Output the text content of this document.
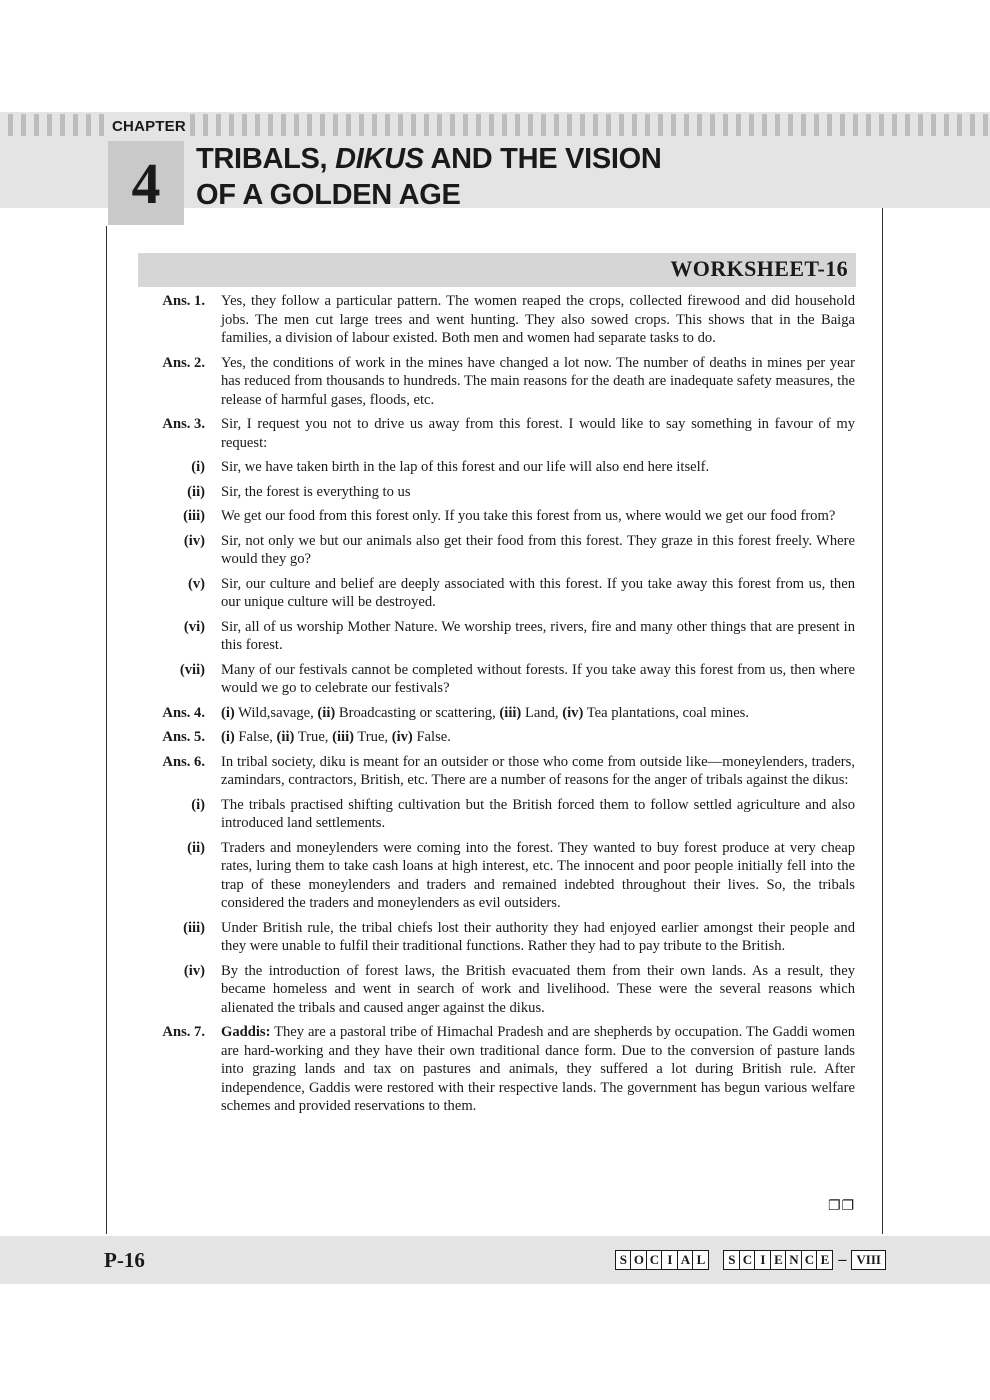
CHAPTER
4	TRIBALS, DIKUS AND THE VISION
OF A GOLDEN AGE
WORKSHEET-16
Ans. 1.	Yes, they follow a particular pattern. The women reaped the crops, collected firewood and did household jobs. The men cut large trees and went hunting. They also sowed crops. This shows that in the Baiga families, a division of labour existed. Both men and women had separate tasks to do.
Ans. 2.	Yes, the conditions of work in the mines have changed a lot now. The number of deaths in mines per year has reduced from thousands to hundreds. The main reasons for the death are inadequate safety measures, the release of harmful gases, floods, etc.
Ans. 3.	Sir, I request you not to drive us away from this forest. I would like to say something in favour of my request:
(i)	Sir, we have taken birth in the lap of this forest and our life will also end here itself.
(ii)	Sir, the forest is everything to us
(iii)	We get our food from this forest only. If you take this forest from us, where would we get our food from?
(iv)	Sir, not only we but our animals also get their food from this forest. They graze in this forest freely. Where would they go?
(v)	Sir, our culture and belief are deeply associated with this forest. If you take away this forest from us, then our unique culture will be destroyed.
(vi)	Sir, all of us worship Mother Nature. We worship trees, rivers, fire and many other things that are present in this forest.
(vii)	Many of our festivals cannot be completed without forests. If you take away this forest from us, then where would we go to celebrate our festivals?
Ans. 4.	(i) Wild,savage, (ii) Broadcasting or scattering, (iii) Land, (iv) Tea plantations, coal mines.
Ans. 5.	(i) False, (ii) True, (iii) True, (iv) False.
Ans. 6.	In tribal society, diku is meant for an outsider or those who come from outside like—moneylenders, traders, zamindars, contractors, British, etc. There are a number of reasons for the anger of tribals against the dikus:
(i)	The tribals practised shifting cultivation but the British forced them to follow settled agriculture and also introduced land settlements.
(ii)	Traders and moneylenders were coming into the forest. They wanted to buy forest produce at very cheap rates, luring them to take cash loans at high interest, etc. The innocent and poor people initially fell into the trap of these moneylenders and traders and remained indebted throughout their lives. So, the tribals considered the traders and moneylenders as evil outsiders.
(iii)	Under British rule, the tribal chiefs lost their authority they had enjoyed earlier amongst their people and they were unable to fulfil their traditional functions. Rather they had to pay tribute to the British.
(iv)	By the introduction of forest laws, the British evacuated them from their own lands. As a result, they became homeless and went in search of work and livelihood. These were the several reasons which alienated the tribals and caused anger against the dikus.
Ans. 7.	Gaddis: They are a pastoral tribe of Himachal Pradesh and are shepherds by occupation. The Gaddi women are hard-working and they have their own traditional dance form. Due to the conversion of pasture lands into grazing lands and tax on pastures and animals, they suffered a lot during British rule. After independence, Gaddis were restored with their respective lands. The government has begun various welfare schemes and provided reservations to them.
❐❐
P-16	S O C I A L	S C I E N C E – VIII
